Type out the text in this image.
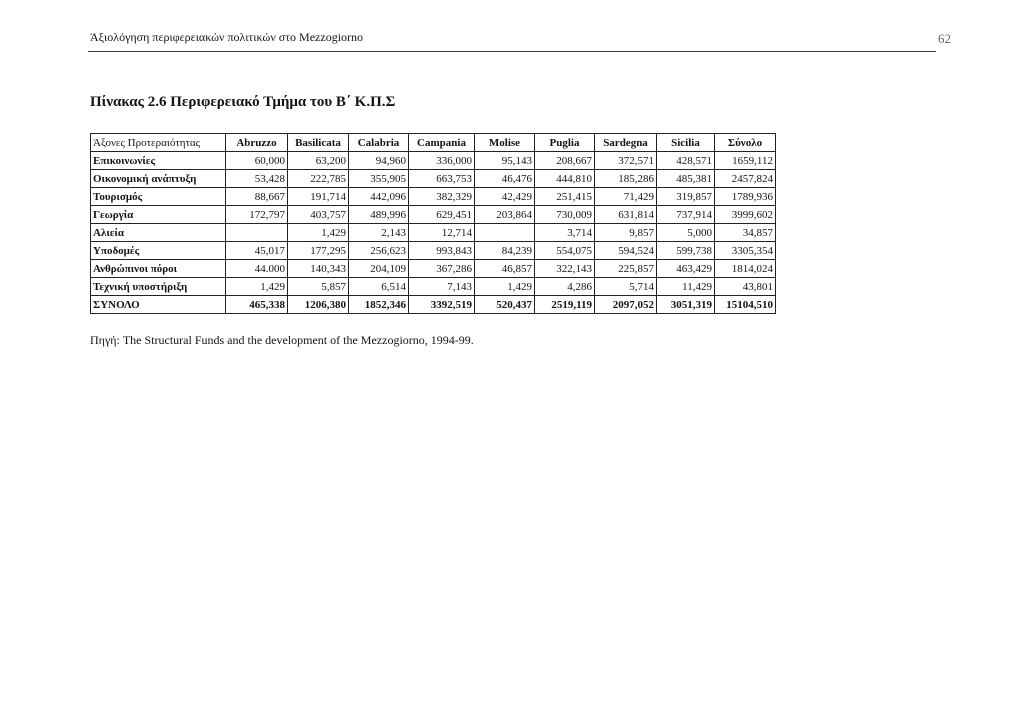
Άξιολόγηση περιφερειακών πολιτικών στο Mezzogiorno	62
Πίνακας 2.6 Περιφερειακό Τμήμα του Β΄ Κ.Π.Σ
Άξονες Προτεραιότητας	Abruzzo	Basilicata	Calabria	Campania	Molise	Puglia	Sardegna	Sicilia	Σύνολο
Επικοινωνίες	60,000	63,200	94,960	336,000	95,143	208,667	372,571	428,571	1659,112
Οικονομική ανάπτυξη	53,428	222,785	355,905	663,753	46,476	444,810	185,286	485,381	2457,824
Τουρισμός	88,667	191,714	442,096	382,329	42,429	251,415	71,429	319,857	1789,936
Γεωργία	172,797	403,757	489,996	629,451	203,864	730,009	631,814	737,914	3999,602
Αλιεία		1,429	2,143	12,714		3,714	9,857	5,000	34,857
Υποδομές	45,017	177,295	256,623	993,843	84,239	554,075	594,524	599,738	3305,354
Ανθρώπινοι πόροι	44.000	140,343	204,109	367,286	46,857	322,143	225,857	463,429	1814,024
Τεχνική υποστήριξη	1,429	5,857	6,514	7,143	1,429	4,286	5,714	11,429	43,801
ΣΥΝΟΛΟ	465,338	1206,380	1852,346	3392,519	520,437	2519,119	2097,052	3051,319	15104,510
Πηγή: The Structural Funds and the development of the Mezzogiorno, 1994-99.
